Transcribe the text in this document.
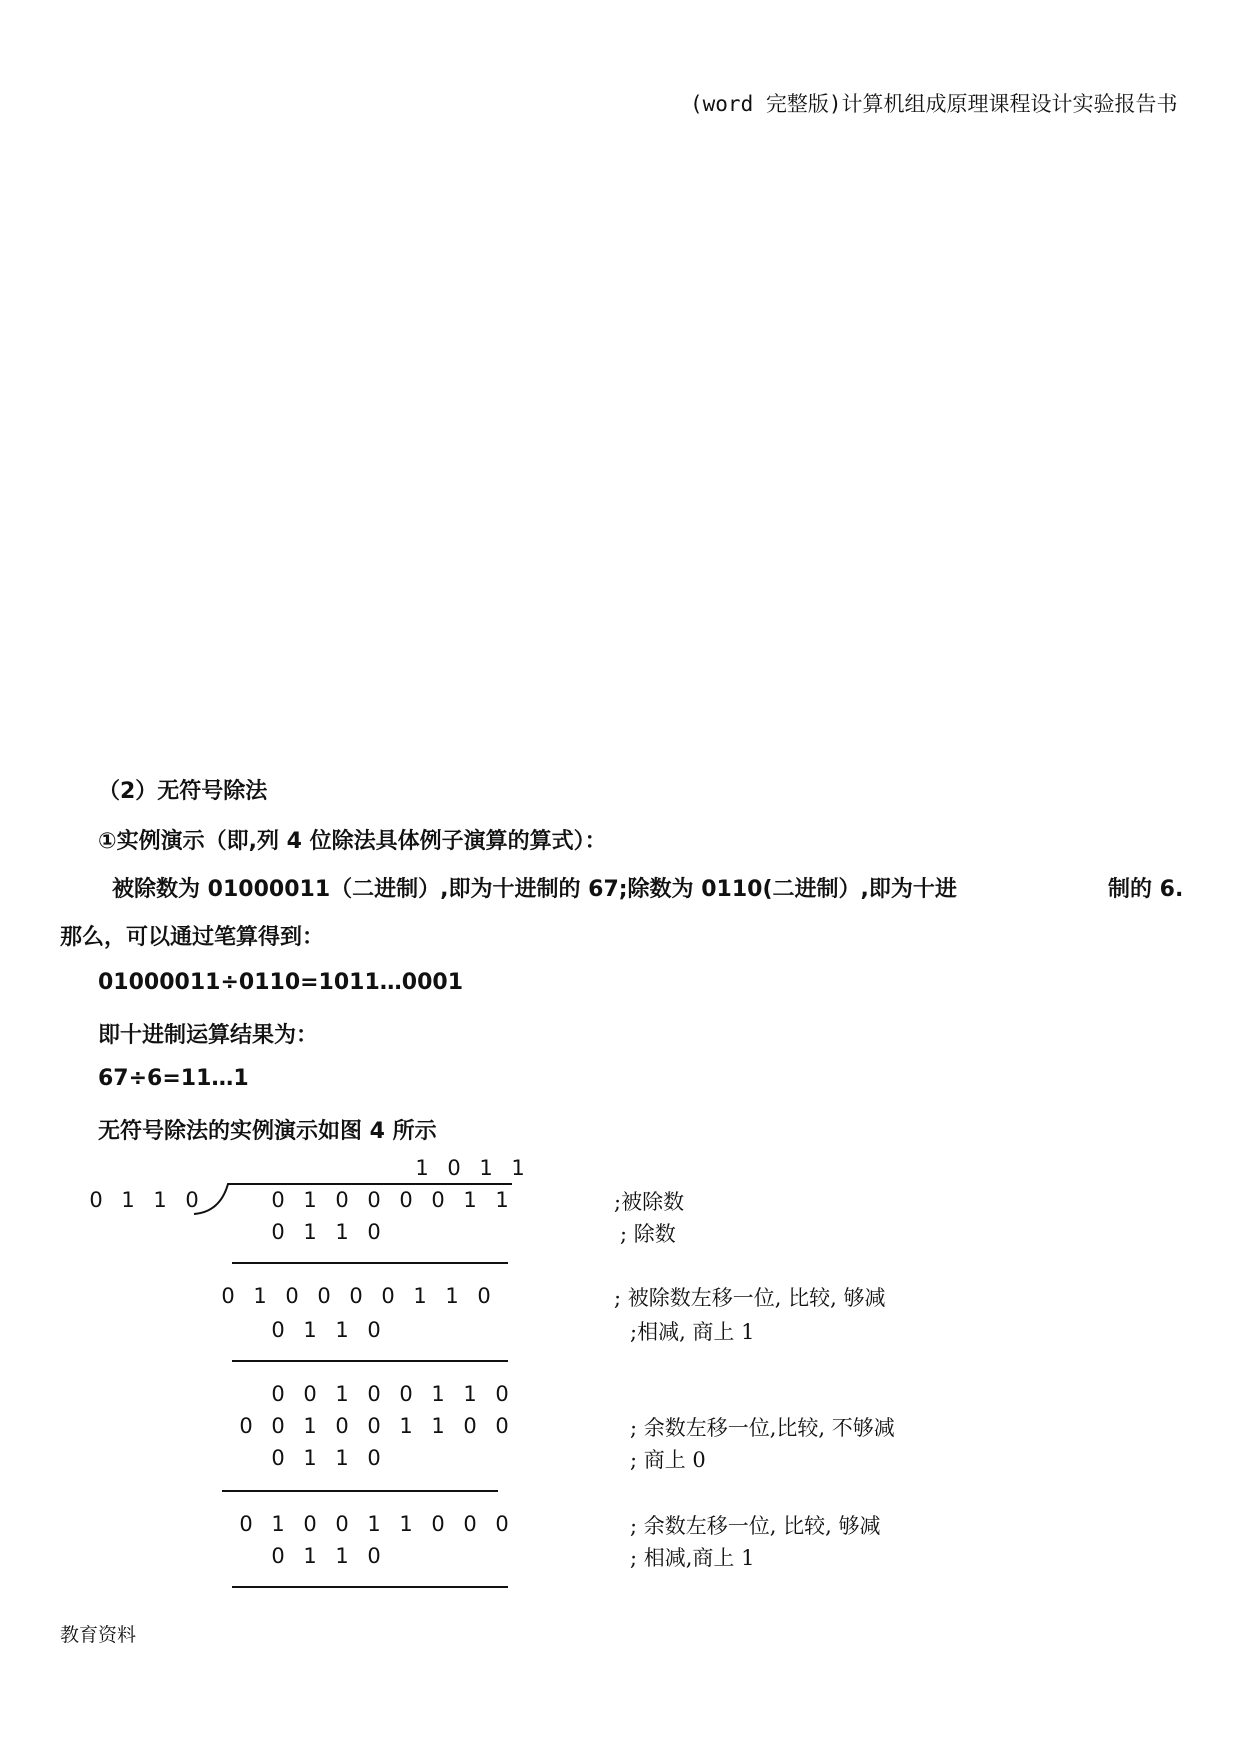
(word 完整版)计算机组成原理课程设计实验报告书
（2）无符号除法
①实例演示（即,列 4 位除法具体例子演算的算式）：
被除数为 01000011（二进制）,即为十进制的 67;除数为 0110(二进制）,即为十进	制的 6.
那么，可以通过笔算得到：
01000011÷0110=1011…0001
即十进制运算结果为：
67÷6=11…1
无符号除法的实例演示如图 4 所示
1 0 1 1
0 1 1 0	0 1 0 0 0 0 1 1
0 1 1 0
0 1 0 0 0 0 1 1 0
0 1 1 0
0 0 1 0 0 1 1 0
0 0 1 0 0 1 1 0 0
0 1 1 0
0 1 0 0 1 1 0 0 0
0 1 1 0
;被除数
; 除数
; 被除数左移一位, 比较, 够减
;相减, 商上 1
; 余数左移一位,比较, 不够减
; 商上 0
; 余数左移一位, 比较, 够减
; 相减,商上 1
教育资料
